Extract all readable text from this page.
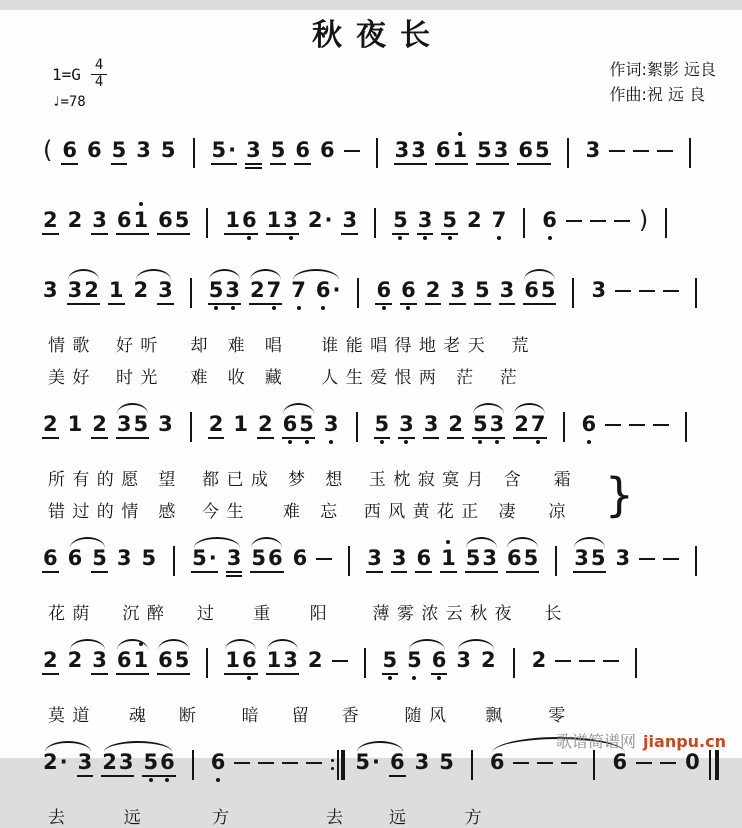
秋夜长
$1=G \frac{4}{4}$
♩=78
作词:絮影 远良
作曲:祝 远 良
( 6 6 5 3 5 5 · 3 5 6 6	3 3 6 1 5 3 6 5 3
2 2 3 6 1 6 5 1 6 1 3 2 · 3 5 3 5 2 7 6	)
3 3 2 1 2 3 5 3 2 7 7 6 · 6 6 2 3 5 3 6 5 3
情 歌    好 听     却   难   唱      谁 能 唱 得 地 老 天    荒
美 好    时 光     难   收   藏      人 生 爱 恨 两   茫    茫
2 1 2 3 5 3 2 1 2 6 5 3 5 3 3 2 5 3 2 7 6
所 有 的 愿   望    都 已 成   梦   想    玉 枕 寂 寞 月   含     霜
错 过 的 情   感    今 生      难   忘    西 风 黄 花 正   凄     凉 }
6 6 5 3 5 5 · 3 5 6 6	3 3 6 1 5 3 6 5 3 5 3
花 荫     沉 醉     过      重      阳       薄 雾 浓 云 秋 夜     长
2 2 3 6 1 6 5 1 6 1 3 2	5 5 6 3 2 2
莫 道      魂     断       暗     留     香       随 风      飘       零
2 · 3 2 3 5 6 6	5 · 6 3 5 6	6	0
去         远           方               去       远         方
歌谱简谱网 jianpu.cn
